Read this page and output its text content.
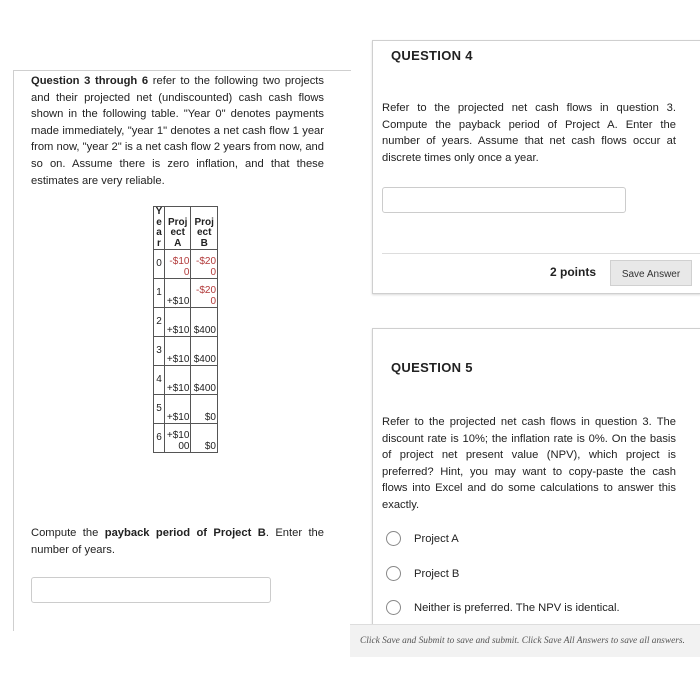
Question 3 through 6 refer to the following two projects and their projected net (undiscounted) cash cash flows shown in the following table. "Year 0" denotes payments made immediately, "year 1" denotes a net cash flow 1 year from now, "year 2" is a net cash flow 2 years from now, and so on. Assume there is zero inflation, and that these estimates are very reliable.
Year	Project A	Project B

0	-$100	-$200

1	+$10	-$200

2	+$10	$400

3	+$10	$400

4	+$10	$400

5	+$10	$0

6	+$1000	$0
Compute the payback period of Project B. Enter the number of years.
QUESTION 4
Refer to the projected net cash flows in question 3. Compute the payback period of Project A. Enter the number of years. Assume that net cash flows occur at discrete times only once a year.
2 points	Save Answer
QUESTION 5
Refer to the projected net cash flows in question 3. The discount rate is 10%; the inflation rate is 0%. On the basis of project net present value (NPV), which project is preferred? Hint, you may want to copy-paste the cash flows into Excel and do some calculations to answer this exactly.
Project A
Project B
Neither is preferred. The NPV is identical.
Click Save and Submit to save and submit. Click Save All Answers to save all answers.
